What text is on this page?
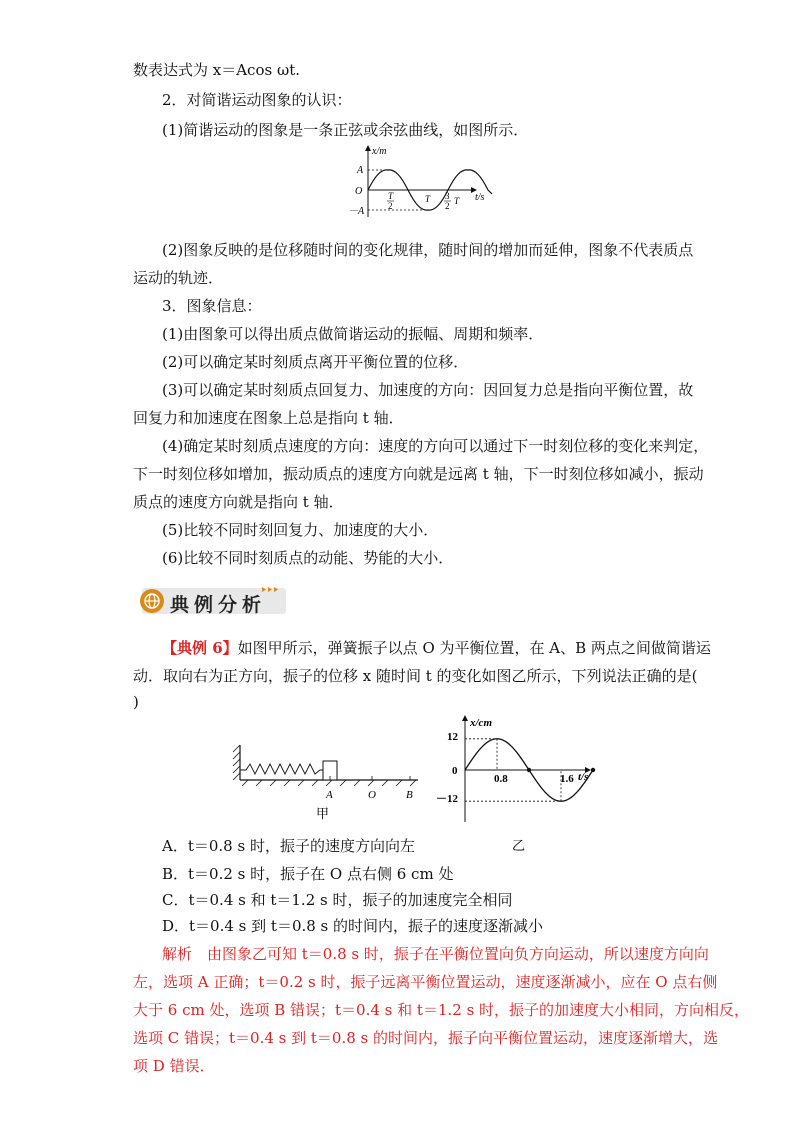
数表达式为 x＝Acos ωt.
2．对简谐运动图象的认识：
(1)简谐运动的图象是一条正弦或余弦曲线，如图所示．
x/m
O
A
－A
t/s
T
2
T 3
2 T
(2)图象反映的是位移随时间的变化规律，随时间的增加而延伸，图象不代表质点
运动的轨迹．
3．图象信息：
(1)由图象可以得出质点做简谐运动的振幅、周期和频率．
(2)可以确定某时刻质点离开平衡位置的位移．
(3)可以确定某时刻质点回复力、加速度的方向：因回复力总是指向平衡位置，故
回复力和加速度在图象上总是指向 t 轴．
(4)确定某时刻质点速度的方向：速度的方向可以通过下一时刻位移的变化来判定，
下一时刻位移如增加，振动质点的速度方向就是远离 t 轴，下一时刻位移如减小，振动
质点的速度方向就是指向 t 轴．
(5)比较不同时刻回复力、加速度的大小．
(6)比较不同时刻质点的动能、势能的大小．
典例分析
【典例 6】如图甲所示，弹簧振子以点 O 为平衡位置，在 A、B 两点之间做简谐运
动．取向右为正方向，振子的位移 x 随时间 t 的变化如图乙所示，下列说法正确的是(
)
A	O	B
甲
x/cm
t/s
12
0
－12
0.8	1.6
乙
A．t＝0.8 s 时，振子的速度方向向左
B．t＝0.2 s 时，振子在 O 点右侧 6 cm 处
C．t＝0.4 s 和 t＝1.2 s 时，振子的加速度完全相同
D．t＝0.4 s 到 t＝0.8 s 的时间内，振子的速度逐渐减小
解析　由图象乙可知 t＝0.8 s 时，振子在平衡位置向负方向运动，所以速度方向向
左，选项 A 正确；t＝0.2 s 时，振子远离平衡位置运动，速度逐渐减小，应在 O 点右侧
大于 6 cm 处，选项 B 错误；t＝0.4 s 和 t＝1.2 s 时，振子的加速度大小相同，方向相反，
选项 C 错误；t＝0.4 s 到 t＝0.8 s 的时间内，振子向平衡位置运动，速度逐渐增大，选
项 D 错误．
